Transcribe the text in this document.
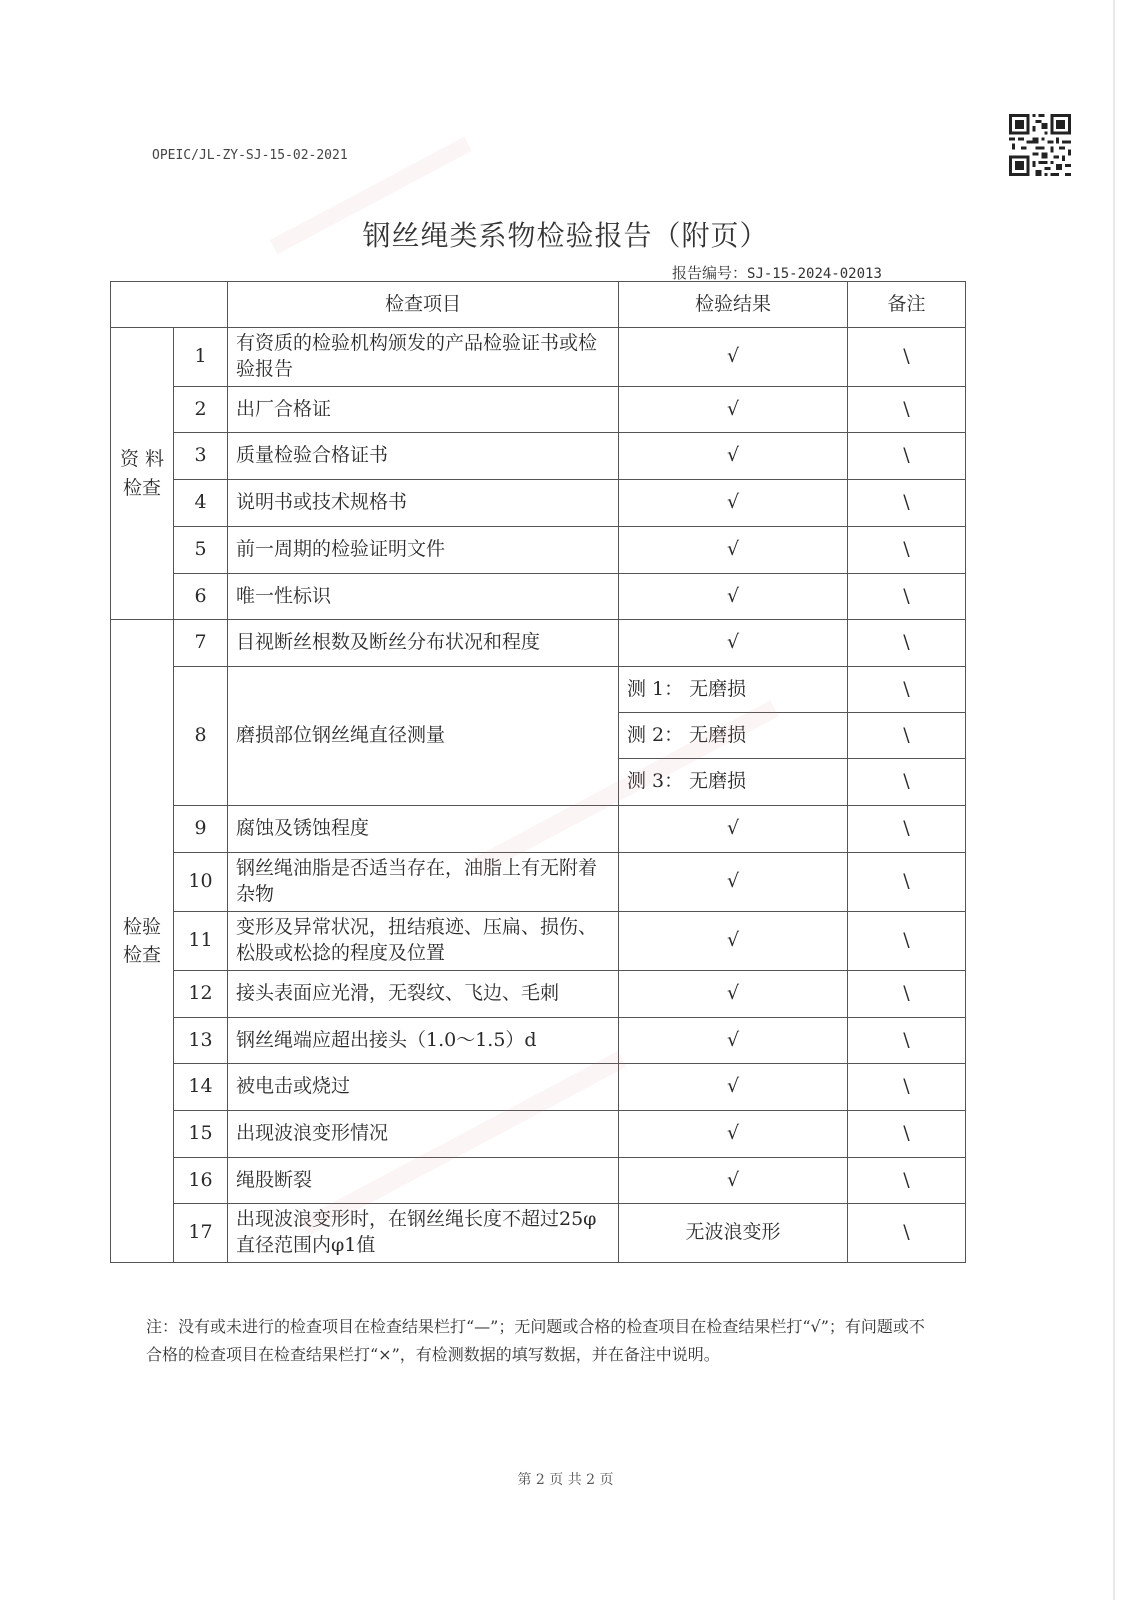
OPEIC/JL-ZY-SJ-15-02-2021
钢丝绳类系物检验报告（附页）
报告编号：SJ-15-2024-02013
		检查项目	检验结果	备注

资 料
检查	1	有资质的检验机构颁发的产品检验证书或检验报告	√	\
	2	出厂合格证	√	\
	3	质量检验合格证书	√	\
	4	说明书或技术规格书	√	\
	5	前一周期的检验证明文件	√	\
	6	唯一性标识	√	\

检验
检查	7	目视断丝根数及断丝分布状况和程度	√	\
	8	磨损部位钢丝绳直径测量	测 1： 无磨损	\
			测 2： 无磨损	\
			测 3： 无磨损	\
	9	腐蚀及锈蚀程度	√	\
	10	钢丝绳油脂是否适当存在，油脂上有无附着杂物	√	\
	11	变形及异常状况，扭结痕迹、压扁、损伤、松股或松捻的程度及位置	√	\
	12	接头表面应光滑，无裂纹、飞边、毛刺	√	\
	13	钢丝绳端应超出接头（1.0～1.5）d	√	\
	14	被电击或烧过	√	\
	15	出现波浪变形情况	√	\
	16	绳股断裂	√	\
	17	出现波浪变形时，在钢丝绳长度不超过25φ直径范围内φ1值	无波浪变形	\
注：没有或未进行的检查项目在检查结果栏打“—”；无问题或合格的检查项目在检查结果栏打“√”；有问题或不合格的检查项目在检查结果栏打“×”，有检测数据的填写数据，并在备注中说明。
第 2 页 共 2 页
